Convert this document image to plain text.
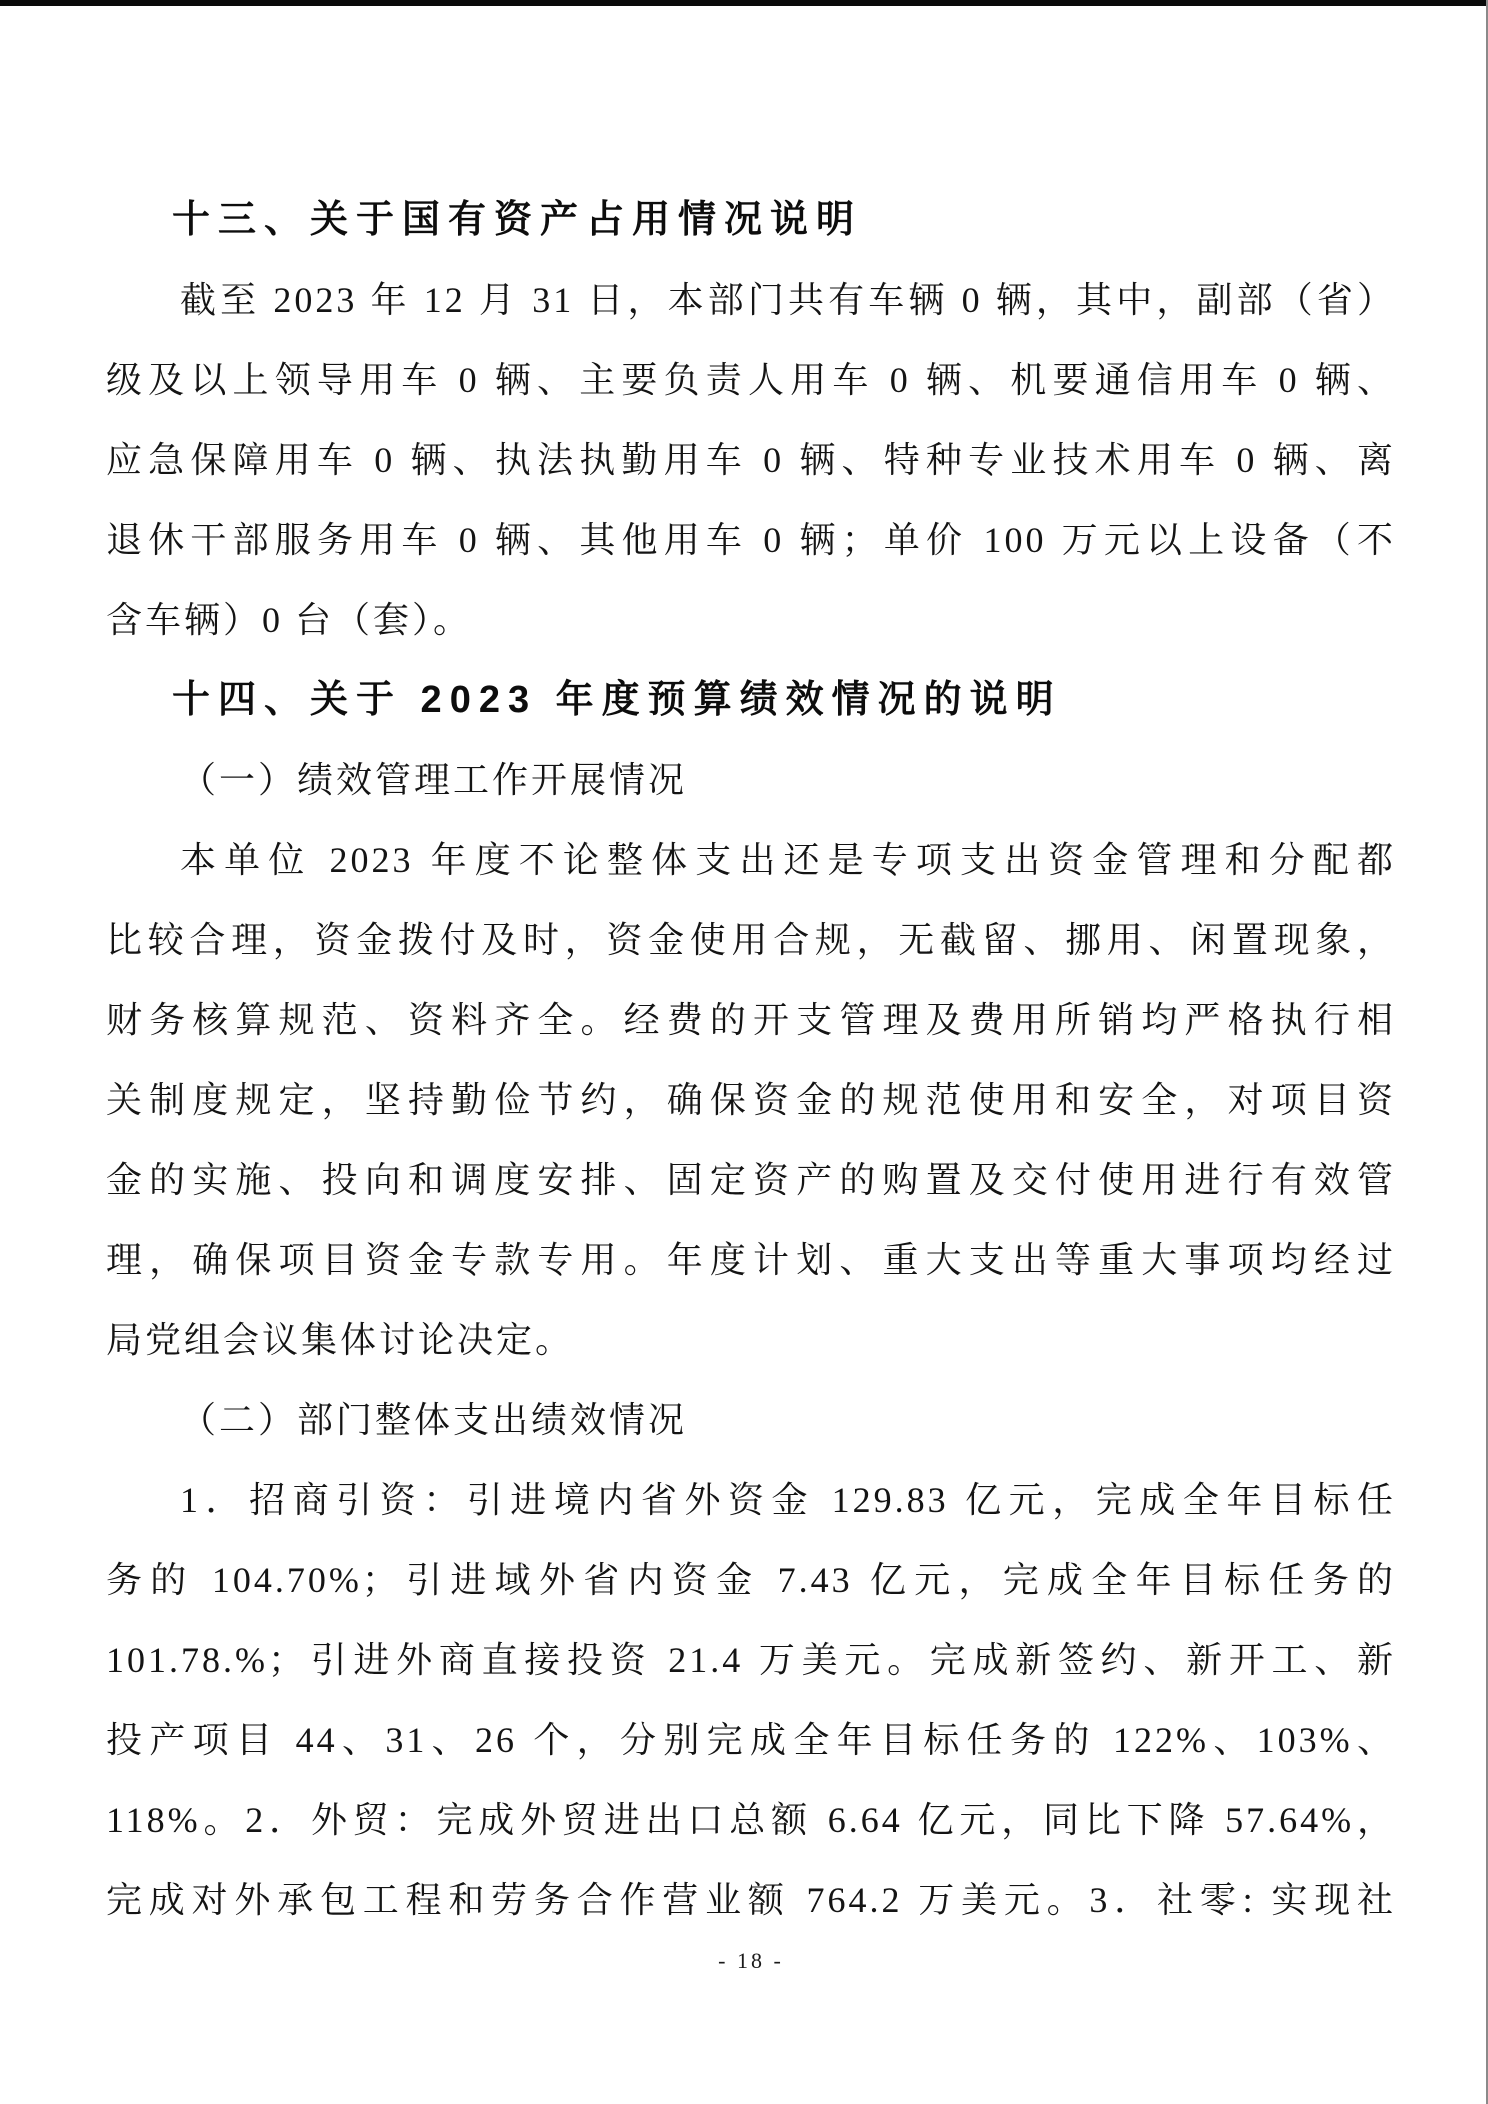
十三、关于国有资产占用情况说明
截至 2023 年 12 月 31 日，本部门共有车辆 0 辆，其中，副部（省）
级及以上领导用车 0 辆、主要负责人用车 0 辆、机要通信用车 0 辆、
应急保障用车 0 辆、执法执勤用车 0 辆、特种专业技术用车 0 辆、离
退休干部服务用车 0 辆、其他用车 0 辆；单价 100 万元以上设备（不
含车辆）0 台（套）。
十四、关于 2023 年度预算绩效情况的说明
（一）绩效管理工作开展情况
本单位 2023 年度不论整体支出还是专项支出资金管理和分配都
比较合理，资金拨付及时，资金使用合规，无截留、挪用、闲置现象，
财务核算规范、资料齐全。经费的开支管理及费用所销均严格执行相
关制度规定，坚持勤俭节约，确保资金的规范使用和安全，对项目资
金的实施、投向和调度安排、固定资产的购置及交付使用进行有效管
理，确保项目资金专款专用。年度计划、重大支出等重大事项均经过
局党组会议集体讨论决定。
（二）部门整体支出绩效情况
1．招商引资：引进境内省外资金 129.83 亿元，完成全年目标任
务的 104.70%；引进域外省内资金 7.43 亿元，完成全年目标任务的
101.78.%；引进外商直接投资 21.4 万美元。完成新签约、新开工、新
投产项目 44、31、26 个，分别完成全年目标任务的 122%、103%、
118%。2．外贸：完成外贸进出口总额 6.64 亿元，同比下降 57.64%，
完成对外承包工程和劳务合作营业额 764.2 万美元。3．社零: 实现社
- 18 -
